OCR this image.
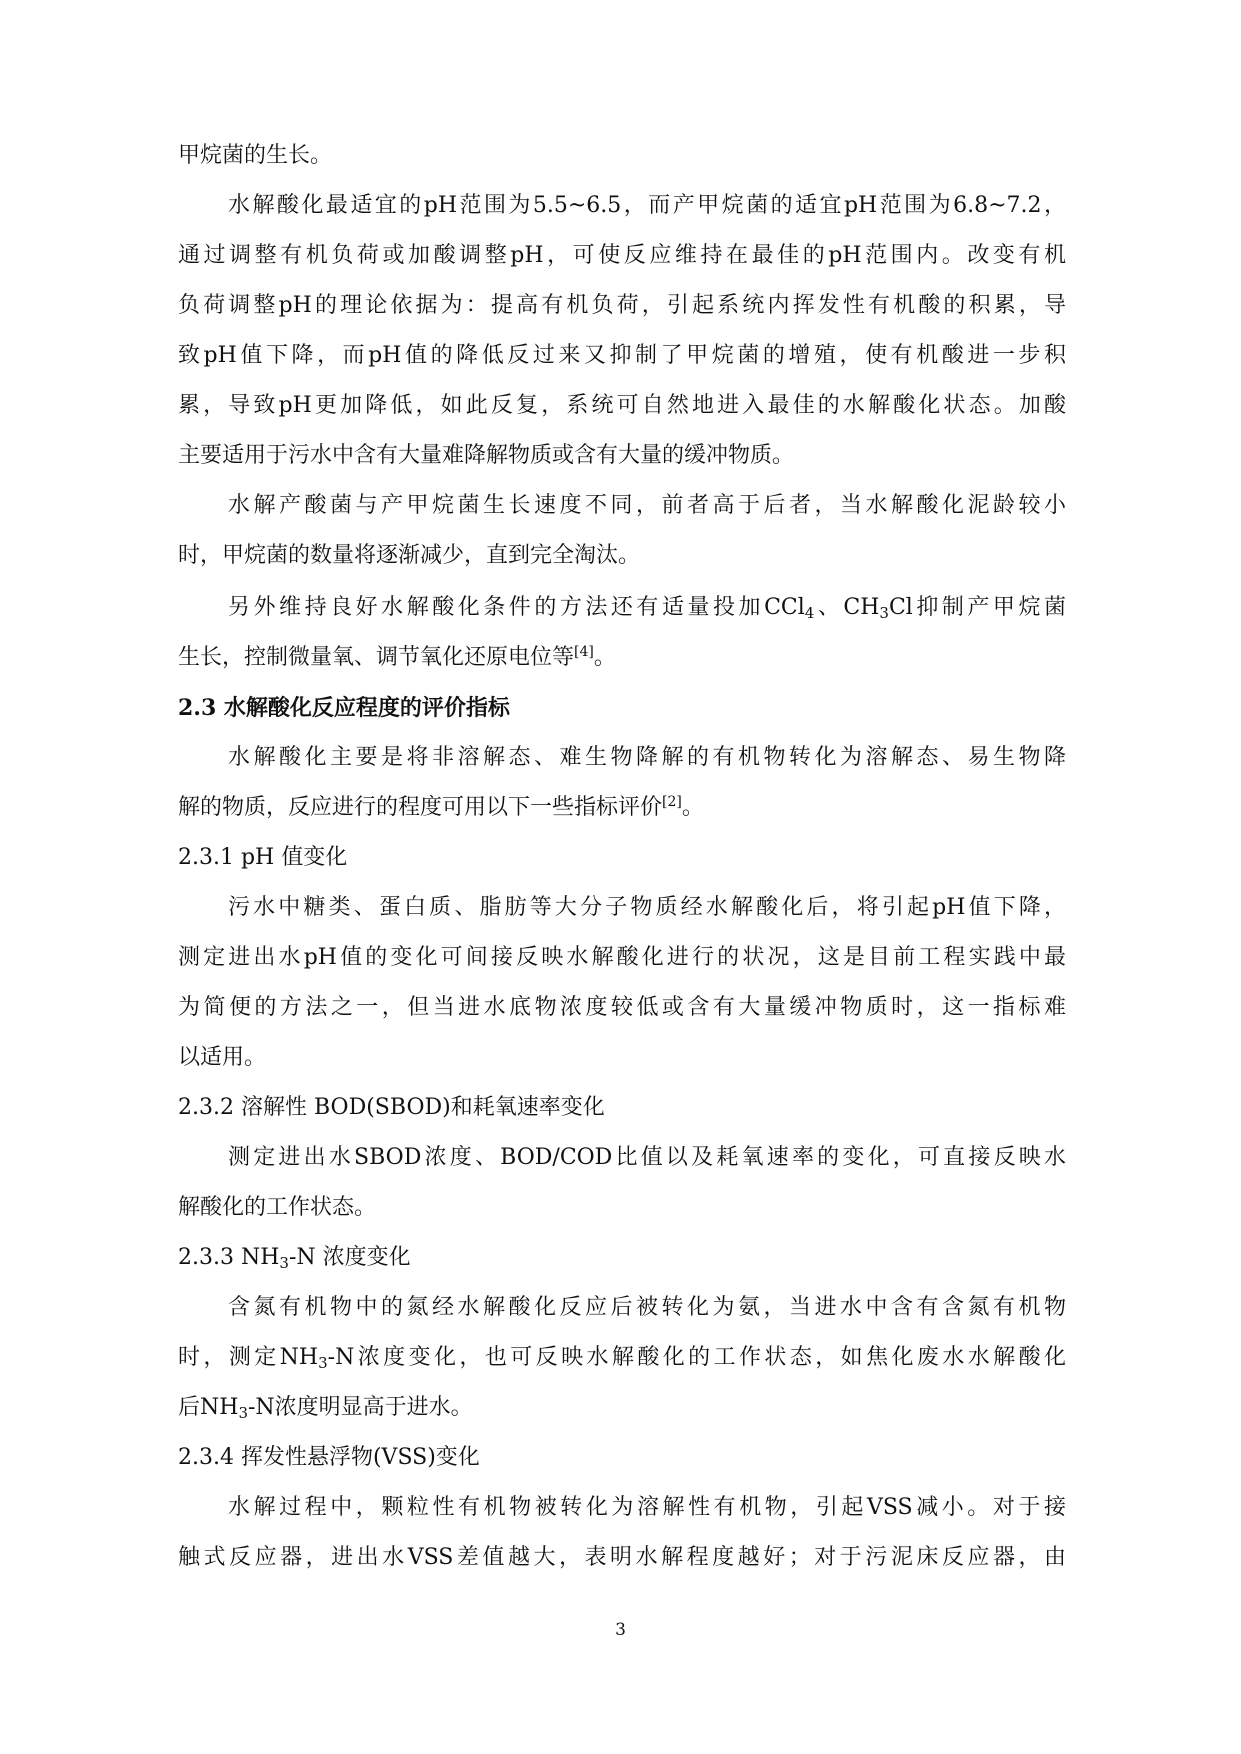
甲烷菌的生长。
水解酸化最适宜的pH范围为5.5~6.5，而产甲烷菌的适宜pH范围为6.8~7.2，
通过调整有机负荷或加酸调整pH，可使反应维持在最佳的pH范围内。改变有机
负荷调整pH的理论依据为：提高有机负荷，引起系统内挥发性有机酸的积累，导
致pH值下降，而pH值的降低反过来又抑制了甲烷菌的增殖，使有机酸进一步积
累，导致pH更加降低，如此反复，系统可自然地进入最佳的水解酸化状态。加酸
主要适用于污水中含有大量难降解物质或含有大量的缓冲物质。
水解产酸菌与产甲烷菌生长速度不同，前者高于后者，当水解酸化泥龄较小
时，甲烷菌的数量将逐渐减少，直到完全淘汰。
另外维持良好水解酸化条件的方法还有适量投加CCl$_4$、$CH_3Cl$抑制产甲烷菌
生长，控制微量氧、调节氧化还原电位等[4]。
2.3 水解酸化反应程度的评价指标
水解酸化主要是将非溶解态、难生物降解的有机物转化为溶解态、易生物降
解的物质，反应进行的程度可用以下一些指标评价[2]。
2.3.1 pH 值变化
污水中糖类、蛋白质、脂肪等大分子物质经水解酸化后，将引起pH值下降，
测定进出水pH值的变化可间接反映水解酸化进行的状况，这是目前工程实践中最
为简便的方法之一，但当进水底物浓度较低或含有大量缓冲物质时，这一指标难
以适用。
2.3.2 溶解性 BOD(SBOD)和耗氧速率变化
测定进出水SBOD浓度、BOD/COD比值以及耗氧速率的变化，可直接反映水
解酸化的工作状态。
2.3.3 $NH_3-N$ 浓度变化
含氮有机物中的氮经水解酸化反应后被转化为氨，当进水中含有含氮有机物
时，测定$NH_3-N$浓度变化，也可反映水解酸化的工作状态，如焦化废水水解酸化
后$NH_3-N$浓度明显高于进水。
2.3.4 挥发性悬浮物(VSS)变化
水解过程中，颗粒性有机物被转化为溶解性有机物，引起VSS减小。对于接
触式反应器，进出水VSS差值越大，表明水解程度越好；对于污泥床反应器，由
3
